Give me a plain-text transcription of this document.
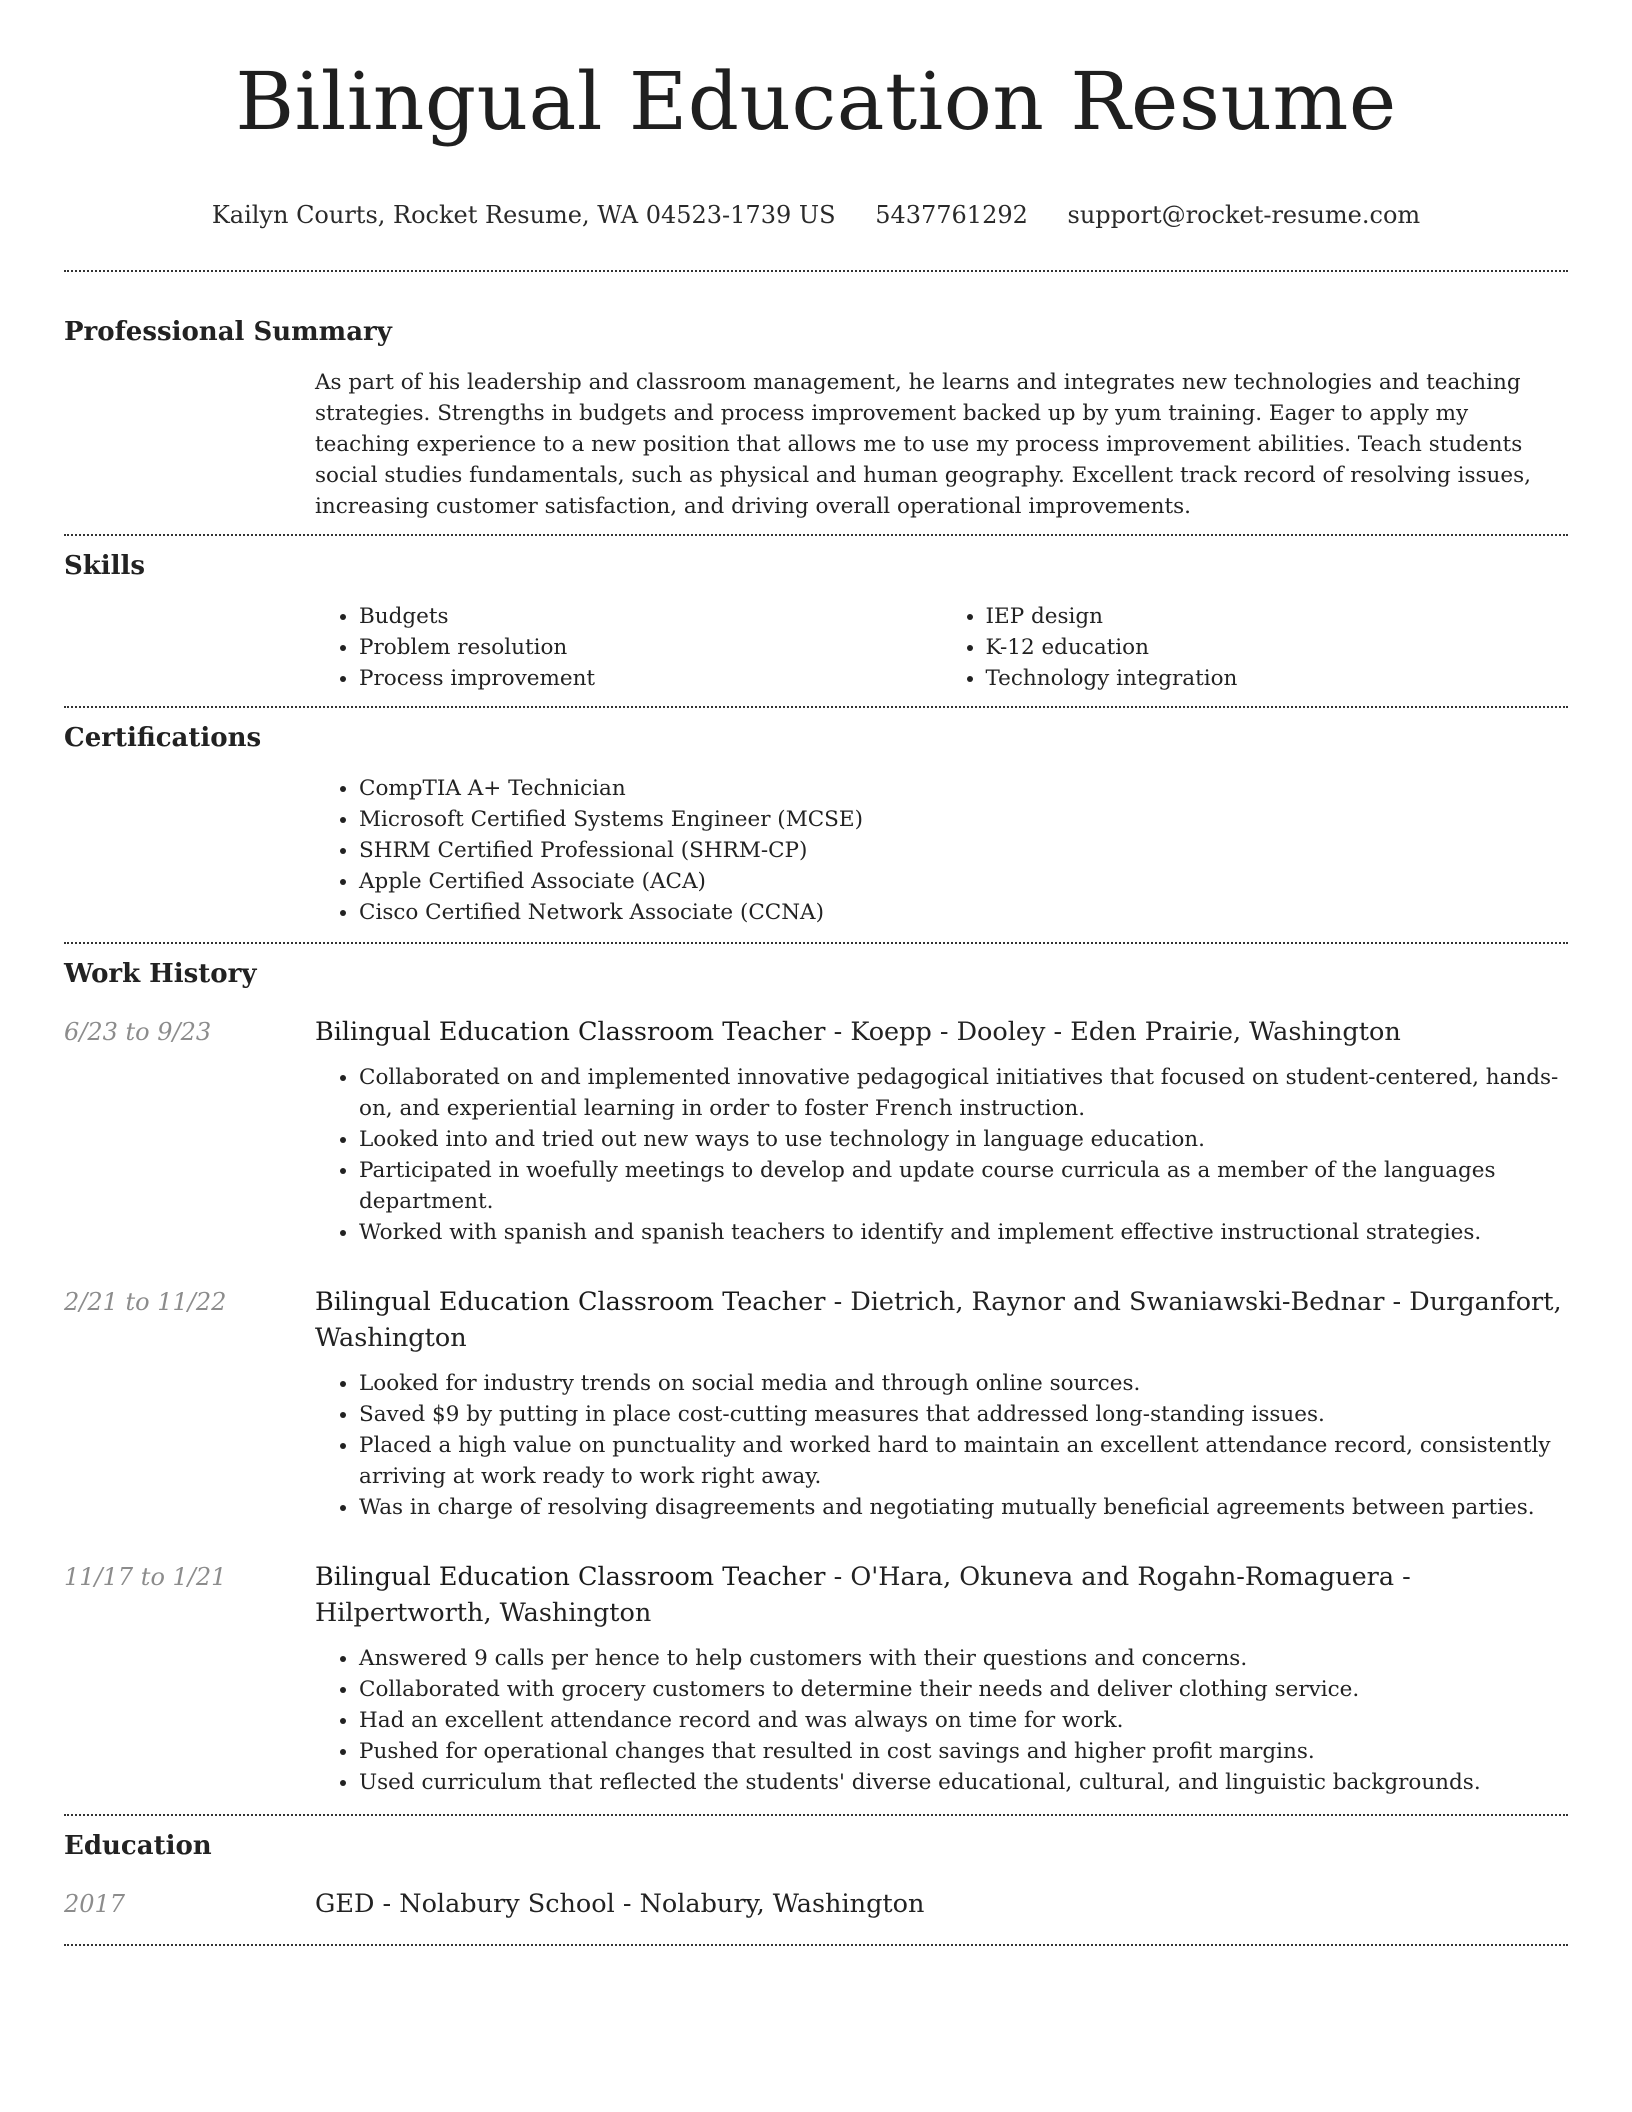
Bilingual Education Resume
Kailyn Courts, Rocket Resume, WA 04523-1739 US 5437761292 support@rocket-resume.com
Professional Summary

As part of his leadership and classroom management, he learns and integrates new technologies and teaching strategies. Strengths in budgets and process improvement backed up by yum training. Eager to apply my teaching experience to a new position that allows me to use my process improvement abilities. Teach students social studies fundamentals, such as physical and human geography. Excellent track record of resolving issues, increasing customer satisfaction, and driving overall operational improvements.

Skills
• Budgets
• Problem resolution
• Process improvement
• IEP design
• K-12 education
• Technology integration
Certifications
• CompTIA A+ Technician
• Microsoft Certified Systems Engineer (MCSE)
• SHRM Certified Professional (SHRM-CP)
• Apple Certified Associate (ACA)
• Cisco Certified Network Associate (CCNA)
Work History
6/23 to 9/23	Bilingual Education Classroom Teacher - Koepp - Dooley - Eden Prairie, Washington
• Collaborated on and implemented innovative pedagogical initiatives that focused on student-centered, hands-on, and experiential learning in order to foster French instruction.
• Looked into and tried out new ways to use technology in language education.
• Participated in woefully meetings to develop and update course curricula as a member of the languages department.
• Worked with spanish and spanish teachers to identify and implement effective instructional strategies.
2/21 to 11/22	Bilingual Education Classroom Teacher - Dietrich, Raynor and Swaniawski-Bednar - Durganfort, Washington
• Looked for industry trends on social media and through online sources.
• Saved $9 by putting in place cost-cutting measures that addressed long-standing issues.
• Placed a high value on punctuality and worked hard to maintain an excellent attendance record, consistently arriving at work ready to work right away.
• Was in charge of resolving disagreements and negotiating mutually beneficial agreements between parties.
11/17 to 1/21	Bilingual Education Classroom Teacher - O'Hara, Okuneva and Rogahn-Romaguera - Hilpertworth, Washington
• Answered 9 calls per hence to help customers with their questions and concerns.
• Collaborated with grocery customers to determine their needs and deliver clothing service.
• Had an excellent attendance record and was always on time for work.
• Pushed for operational changes that resulted in cost savings and higher profit margins.
• Used curriculum that reflected the students' diverse educational, cultural, and linguistic backgrounds.
Education
2017	GED - Nolabury School - Nolabury, Washington
